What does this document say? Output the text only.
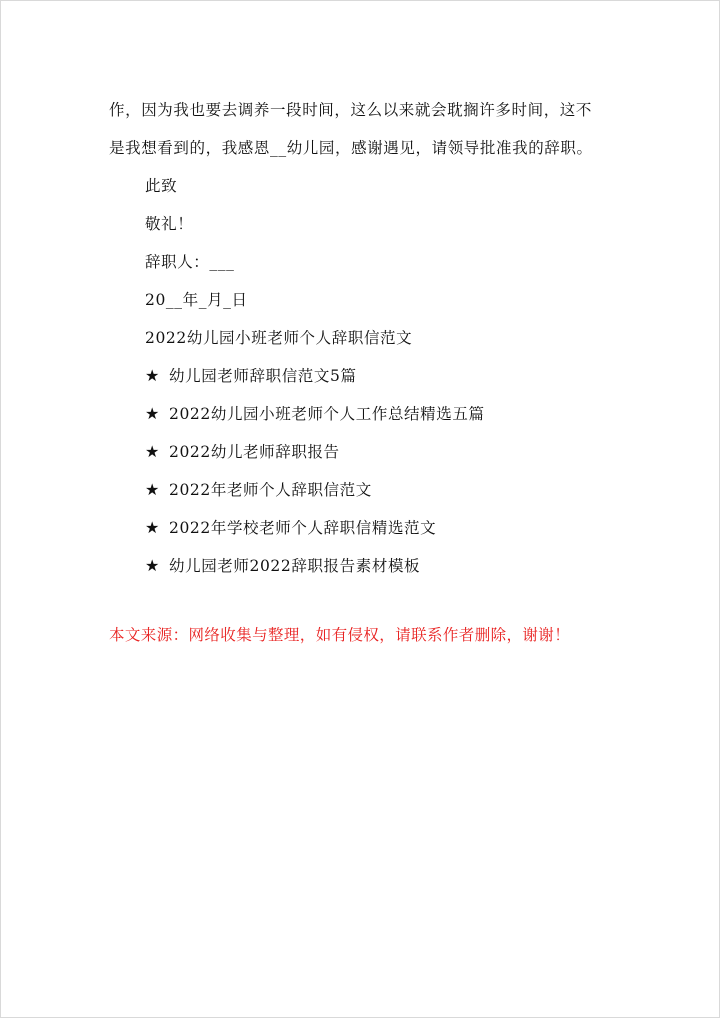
作，因为我也要去调养一段时间，这么以来就会耽搁许多时间，这不
是我想看到的，我感恩__幼儿园，感谢遇见，请领导批准我的辞职。
此致
敬礼！
辞职人：___
20__年_月_日
2022幼儿园小班老师个人辞职信范文
★ 幼儿园老师辞职信范文5篇
★ 2022幼儿园小班老师个人工作总结精选五篇
★ 2022幼儿老师辞职报告
★ 2022年老师个人辞职信范文
★ 2022年学校老师个人辞职信精选范文
★ 幼儿园老师2022辞职报告素材模板
本文来源：网络收集与整理，如有侵权，请联系作者删除，谢谢！
